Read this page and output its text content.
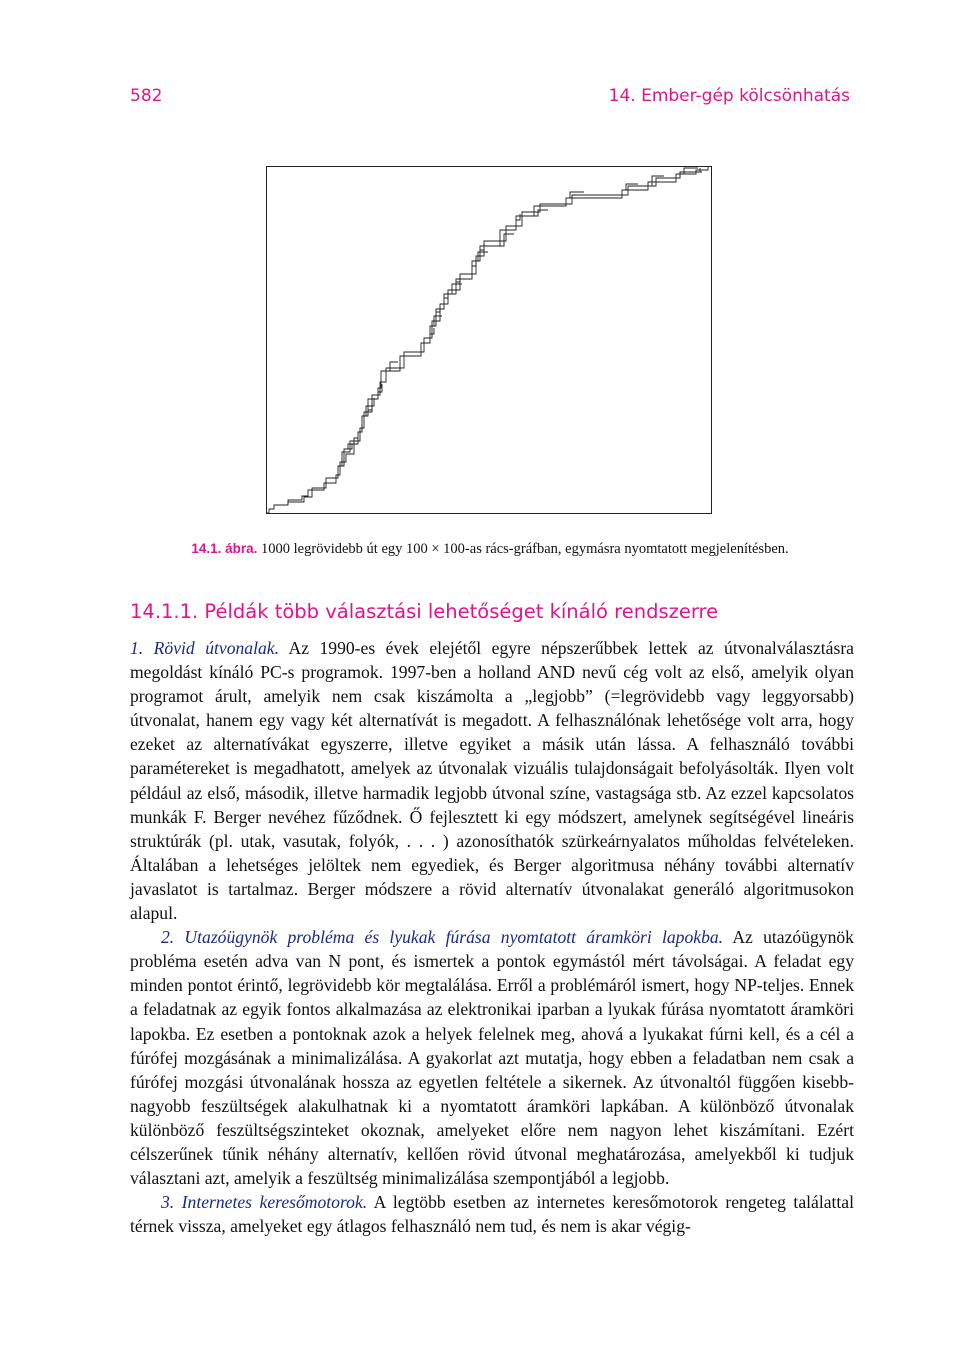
582	14. Ember-gép kölcsönhatás
14.1. ábra. 1000 legrövidebb út egy 100 × 100-as rács-gráfban, egymásra nyomtatott megjelenítésben.
14.1.1. Példák több választási lehetőséget kínáló rendszerre

1. Rövid útvonalak. Az 1990-es évek elejétől egyre népszerűbbek lettek az útvonalválasztásra megoldást kínáló PC-s programok. 1997-ben a holland AND nevű cég volt az első, amelyik olyan programot árult, amelyik nem csak kiszámolta a „legjobb” (=legrövidebb vagy leggyorsabb) útvonalat, hanem egy vagy két alternatívát is megadott. A felhasználónak lehetősége volt arra, hogy ezeket az alternatívákat egyszerre, illetve egyiket a másik után lássa. A felhasználó további paramétereket is megadhatott, amelyek az útvonalak vizuális tulajdonságait befolyásolták. Ilyen volt például az első, második, illetve harmadik legjobb útvonal színe, vastagsága stb. Az ezzel kapcsolatos munkák F. Berger nevéhez fűződnek. Ő fejlesztett ki egy módszert, amelynek segítségével lineáris struktúrák (pl. utak, vasutak, folyók, . . . ) azonosíthatók szürkeárnyalatos műholdas felvételeken. Általában a lehetséges jelöltek nem egyediek, és Berger algoritmusa néhány további alternatív javaslatot is tartalmaz. Berger módszere a rövid alternatív útvonalakat generáló algoritmusokon alapul.

2. Utazóügynök probléma és lyukak fúrása nyomtatott áramköri lapokba. Az utazóügynök probléma esetén adva van N pont, és ismertek a pontok egymástól mért távolságai. A feladat egy minden pontot érintő, legrövidebb kör megtalálása. Erről a problémáról ismert, hogy NP-teljes. Ennek a feladatnak az egyik fontos alkalmazása az elektronikai iparban a lyukak fúrása nyomtatott áramköri lapokba. Ez esetben a pontoknak azok a helyek felelnek meg, ahová a lyukakat fúrni kell, és a cél a fúrófej mozgásának a minimalizálása. A gyakorlat azt mutatja, hogy ebben a feladatban nem csak a fúrófej mozgási útvonalának hossza az egyetlen feltétele a sikernek. Az útvonaltól függően kisebb-nagyobb feszültségek alakulhatnak ki a nyomtatott áramköri lapkában. A különböző útvonalak különböző feszültségszinteket okoznak, amelyeket előre nem nagyon lehet kiszámítani. Ezért célszerűnek tűnik néhány alternatív, kellően rövid útvonal meghatározása, amelyekből ki tudjuk választani azt, amelyik a feszültség minimalizálása szempontjából a legjobb.

3. Internetes keresőmotorok. A legtöbb esetben az internetes keresőmotorok rengeteg találattal térnek vissza, amelyeket egy átlagos felhasználó nem tud, és nem is akar végig-
